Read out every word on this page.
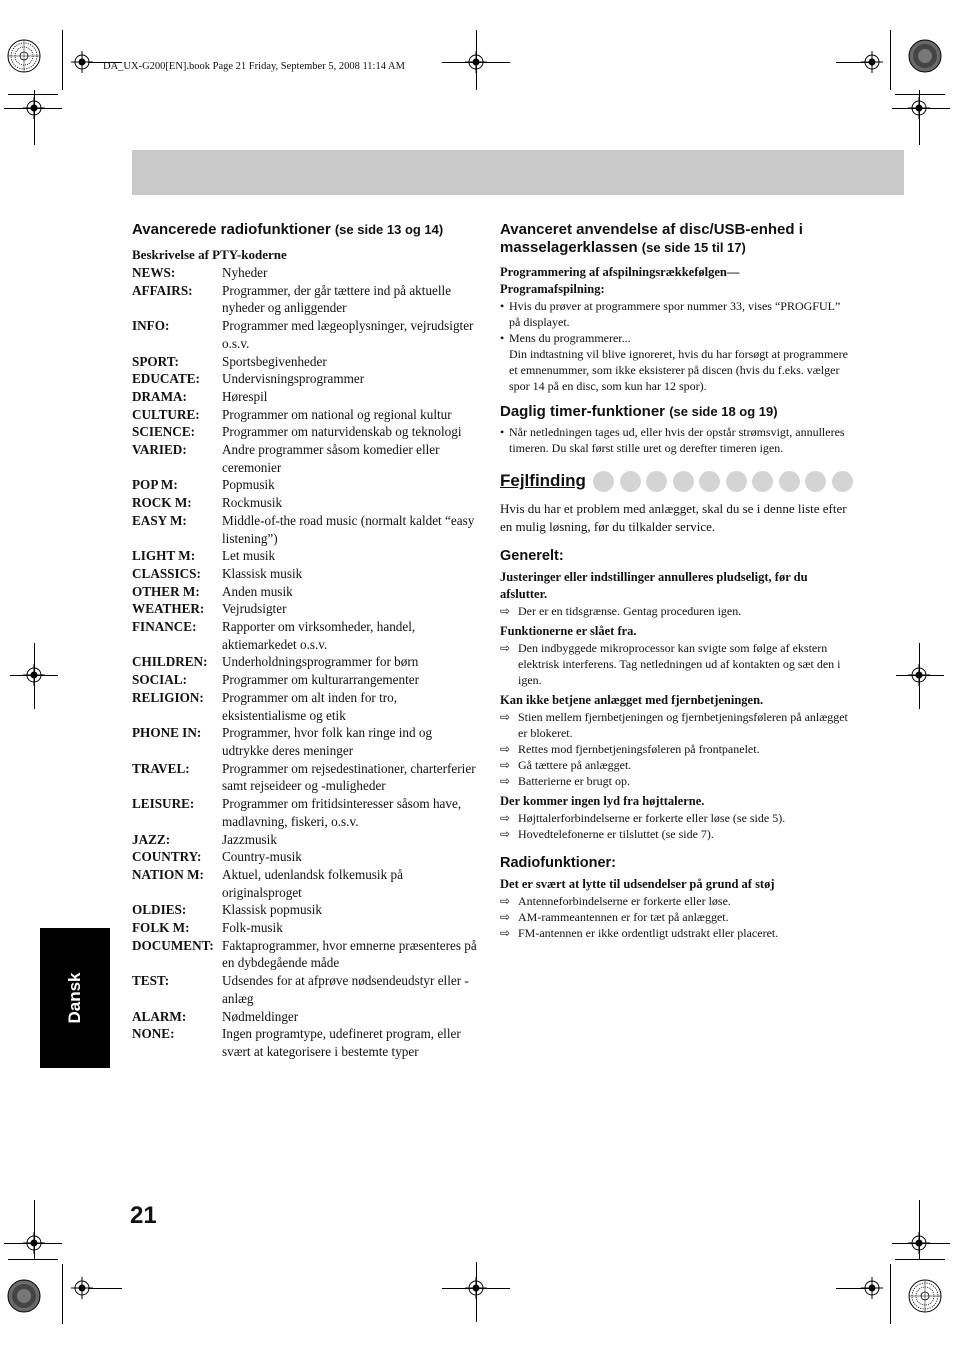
DA_UX-G200[EN].book Page 21 Friday, September 5, 2008 11:14 AM
Dansk
21
Avancerede radiofunktioner (se side 13 og 14)
Beskrivelse af PTY-koderne
NEWS:	Nyheder
AFFAIRS:	Programmer, der går tættere ind på aktuelle nyheder og anliggender
INFO:	Programmer med lægeoplysninger, vejrudsigter o.s.v.
SPORT:	Sportsbegivenheder
EDUCATE:	Undervisningsprogrammer
DRAMA:	Hørespil
CULTURE:	Programmer om national og regional kultur
SCIENCE:	Programmer om naturvidenskab og teknologi
VARIED:	Andre programmer såsom komedier eller ceremonier
POP M:	Popmusik
ROCK M:	Rockmusik
EASY M:	Middle-of-the road music (normalt kaldet “easy listening”)
LIGHT M:	Let musik
CLASSICS:	Klassisk musik
OTHER M:	Anden musik
WEATHER:	Vejrudsigter
FINANCE:	Rapporter om virksomheder, handel, aktiemarkedet o.s.v.
CHILDREN:	Underholdningsprogrammer for børn
SOCIAL:	Programmer om kulturarrangementer
RELIGION:	Programmer om alt inden for tro, eksistentialisme og etik
PHONE IN:	Programmer, hvor folk kan ringe ind og udtrykke deres meninger
TRAVEL:	Programmer om rejsedestinationer, charterferier samt rejseideer og -muligheder
LEISURE:	Programmer om fritidsinteresser såsom have, madlavning, fiskeri, o.s.v.
JAZZ:	Jazzmusik
COUNTRY:	Country-musik
NATION M:	Aktuel, udenlandsk folkemusik på originalsproget
OLDIES:	Klassisk popmusik
FOLK M:	Folk-musik
DOCUMENT: Faktaprogrammer, hvor emnerne præsenteres på en dybdegående måde
TEST:	Udsendes for at afprøve nødsendeudstyr eller -anlæg
ALARM:	Nødmeldinger
NONE:	Ingen programtype, udefineret program, eller svært at kategorisere i bestemte typer
Avanceret anvendelse af disc/USB-enhed i masselagerklassen (se side 15 til 17)
Programmering af afspilningsrækkefølgen—Programafspilning:
• Hvis du prøver at programmere spor nummer 33, vises “PROGFUL” på displayet.
• Mens du programmerer...
Din indtastning vil blive ignoreret, hvis du har forsøgt at programmere et emnenummer, som ikke eksisterer på discen (hvis du f.eks. vælger spor 14 på en disc, som kun har 12 spor).
Daglig timer-funktioner (se side 18 og 19)
• Når netledningen tages ud, eller hvis der opstår strømsvigt, annulleres timeren. Du skal først stille uret og derefter timeren igen.
Fejlfinding
Hvis du har et problem med anlægget, skal du se i denne liste efter en mulig løsning, før du tilkalder service.
Generelt:
Justeringer eller indstillinger annulleres pludseligt, før du afslutter.
⇨ Der er en tidsgrænse. Gentag proceduren igen.
Funktionerne er slået fra.
⇨ Den indbyggede mikroprocessor kan svigte som følge af ekstern elektrisk interferens. Tag netledningen ud af kontakten og sæt den i igen.
Kan ikke betjene anlægget med fjernbetjeningen.
⇨ Stien mellem fjernbetjeningen og fjernbetjeningsføleren på anlægget er blokeret.
⇨ Rettes mod fjernbetjeningsføleren på frontpanelet.
⇨ Gå tættere på anlægget.
⇨ Batterierne er brugt op.
Der kommer ingen lyd fra højttalerne.
⇨ Højttalerforbindelserne er forkerte eller løse (se side 5).
⇨ Hovedtelefonerne er tilsluttet (se side 7).
Radiofunktioner:
Det er svært at lytte til udsendelser på grund af støj
⇨ Antenneforbindelserne er forkerte eller løse.
⇨ AM-rammeantennen er for tæt på anlægget.
⇨ FM-antennen er ikke ordentligt udstrakt eller placeret.
